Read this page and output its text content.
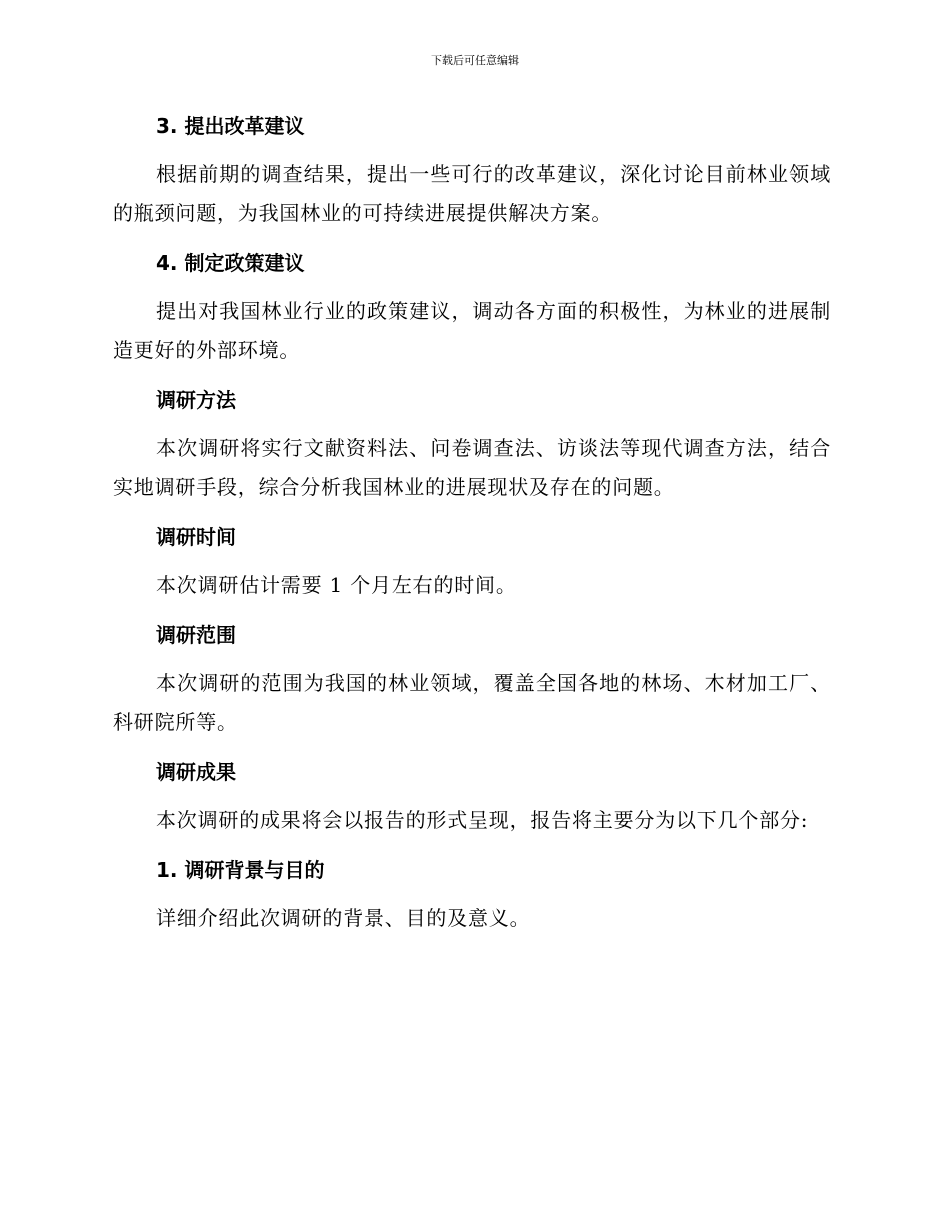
下载后可任意编辑
3. 提出改革建议

根据前期的调查结果，提出一些可行的改革建议，深化讨论目前林业领域的瓶颈问题，为我国林业的可持续进展提供解决方案。

4. 制定政策建议

提出对我国林业行业的政策建议，调动各方面的积极性，为林业的进展制造更好的外部环境。

调研方法

本次调研将实行文献资料法、问卷调查法、访谈法等现代调查方法，结合实地调研手段，综合分析我国林业的进展现状及存在的问题。

调研时间

本次调研估计需要 1 个月左右的时间。

调研范围

本次调研的范围为我国的林业领域，覆盖全国各地的林场、木材加工厂、科研院所等。

调研成果

本次调研的成果将会以报告的形式呈现，报告将主要分为以下几个部分:

1. 调研背景与目的

详细介绍此次调研的背景、目的及意义。
